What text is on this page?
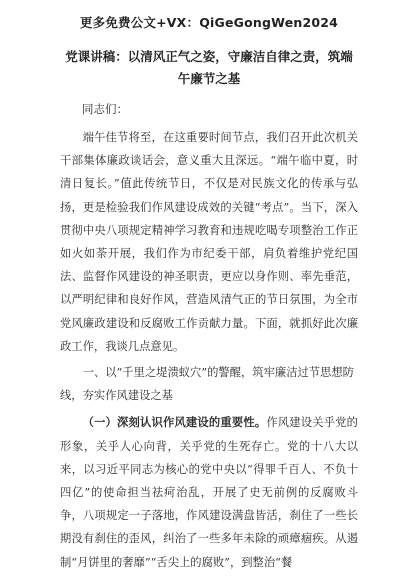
更多免费公文+VX：QiGeGongWen2024
党课讲稿：以清风正气之姿，守廉洁自律之责，筑端午廉节之基
同志们：

端午佳节将至，在这重要时间节点，我们召开此次机关干部集体廉政谈话会，意义重大且深远。“端午临中夏，时清日复长。”值此传统节日，不仅是对民族文化的传承与弘扬，更是检验我们作风建设成效的关键“考点”。当下，深入贯彻中央八项规定精神学习教育和违规吃喝专项整治工作正如火如荼开展，我们作为市纪委干部，肩负着维护党纪国法、监督作风建设的神圣职责，更应以身作则、率先垂范，以严明纪律和良好作风，营造风清气正的节日氛围，为全市党风廉政建设和反腐败工作贡献力量。下面，就抓好此次廉政工作，我谈几点意见。

一、以“千里之堤溃蚁穴”的警醒，筑牢廉洁过节思想防线，夯实作风建设之基

（一）深刻认识作风建设的重要性。作风建设关乎党的形象，关乎人心向背，关乎党的生死存亡。党的十八大以来，以习近平同志为核心的党中央以“得罪千百人、不负十四亿”的使命担当祛疴治乱，开展了史无前例的反腐败斗争，八项规定一子落地，作风建设满盘皆活，刹住了一些长期没有刹住的歪风，纠治了一些多年未除的顽瘴痼疾。从遏制“月饼里的奢靡”“舌尖上的腐败”，到整治“餐
